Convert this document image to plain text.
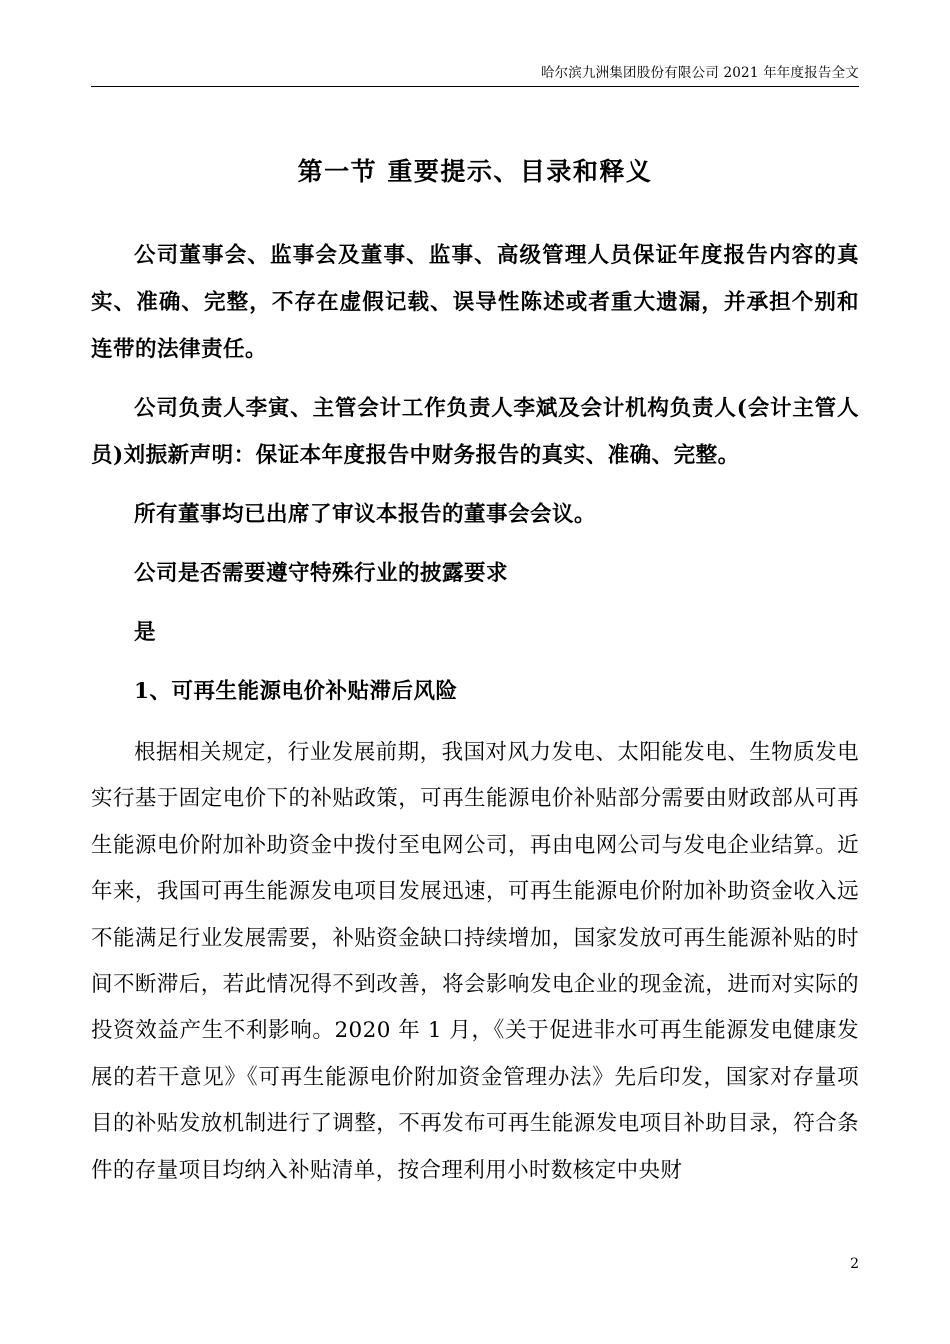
哈尔滨九洲集团股份有限公司 2021 年年度报告全文
第一节 重要提示、目录和释义

公司董事会、监事会及董事、监事、高级管理人员保证年度报告内容的真实、准确、完整，不存在虚假记载、误导性陈述或者重大遗漏，并承担个别和连带的法律责任。

公司负责人李寅、主管会计工作负责人李斌及会计机构负责人(会计主管人员)刘振新声明：保证本年度报告中财务报告的真实、准确、完整。

所有董事均已出席了审议本报告的董事会会议。

公司是否需要遵守特殊行业的披露要求

是

1、可再生能源电价补贴滞后风险

根据相关规定，行业发展前期，我国对风力发电、太阳能发电、生物质发电实行基于固定电价下的补贴政策，可再生能源电价补贴部分需要由财政部从可再生能源电价附加补助资金中拨付至电网公司，再由电网公司与发电企业结算。近年来，我国可再生能源发电项目发展迅速，可再生能源电价附加补助资金收入远不能满足行业发展需要，补贴资金缺口持续增加，国家发放可再生能源补贴的时间不断滞后，若此情况得不到改善，将会影响发电企业的现金流，进而对实际的投资效益产生不利影响。2020 年 1 月，《关于促进非水可再生能源发电健康发展的若干意见》《可再生能源电价附加资金管理办法》先后印发，国家对存量项目的补贴发放机制进行了调整，不再发布可再生能源发电项目补助目录，符合条件的存量项目均纳入补贴清单，按合理利用小时数核定中央财

2
